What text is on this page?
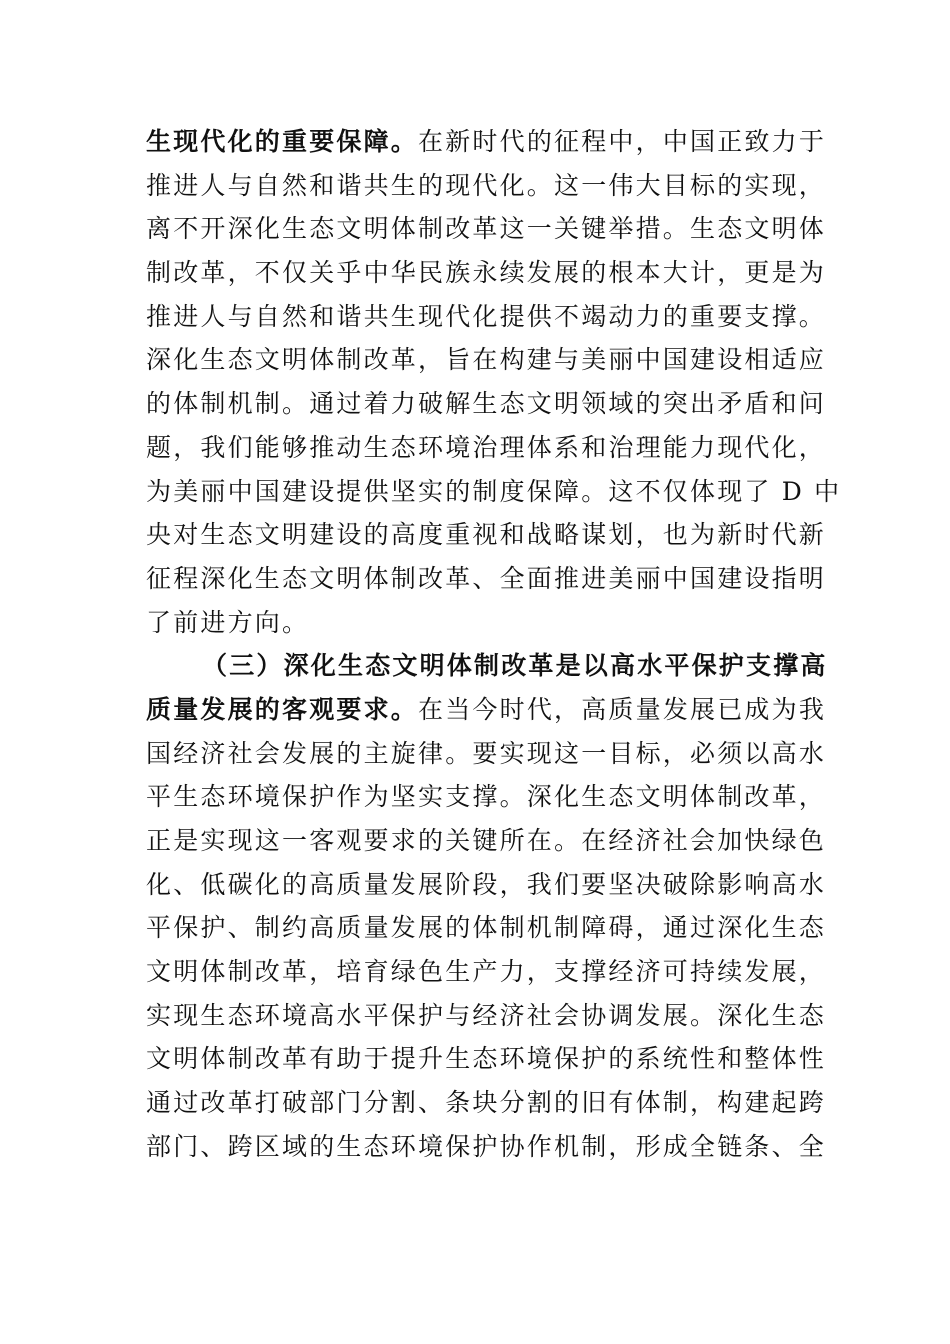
生现代化的重要保障。在新时代的征程中，中国正致力于
推进人与自然和谐共生的现代化。这一伟大目标的实现，
离不开深化生态文明体制改革这一关键举措。生态文明体
制改革，不仅关乎中华民族永续发展的根本大计，更是为
推进人与自然和谐共生现代化提供不竭动力的重要支撑。
深化生态文明体制改革，旨在构建与美丽中国建设相适应
的体制机制。通过着力破解生态文明领域的突出矛盾和问
题，我们能够推动生态环境治理体系和治理能力现代化，
为美丽中国建设提供坚实的制度保障。这不仅体现了 D 中
央对生态文明建设的高度重视和战略谋划，也为新时代新
征程深化生态文明体制改革、全面推进美丽中国建设指明
了前进方向。
（三）深化生态文明体制改革是以高水平保护支撑高
质量发展的客观要求。在当今时代，高质量发展已成为我
国经济社会发展的主旋律。要实现这一目标，必须以高水
平生态环境保护作为坚实支撑。深化生态文明体制改革，
正是实现这一客观要求的关键所在。在经济社会加快绿色
化、低碳化的高质量发展阶段，我们要坚决破除影响高水
平保护、制约高质量发展的体制机制障碍，通过深化生态
文明体制改革，培育绿色生产力，支撑经济可持续发展，
实现生态环境高水平保护与经济社会协调发展。深化生态
文明体制改革有助于提升生态环境保护的系统性和整体性
通过改革打破部门分割、条块分割的旧有体制，构建起跨
部门、跨区域的生态环境保护协作机制，形成全链条、全
